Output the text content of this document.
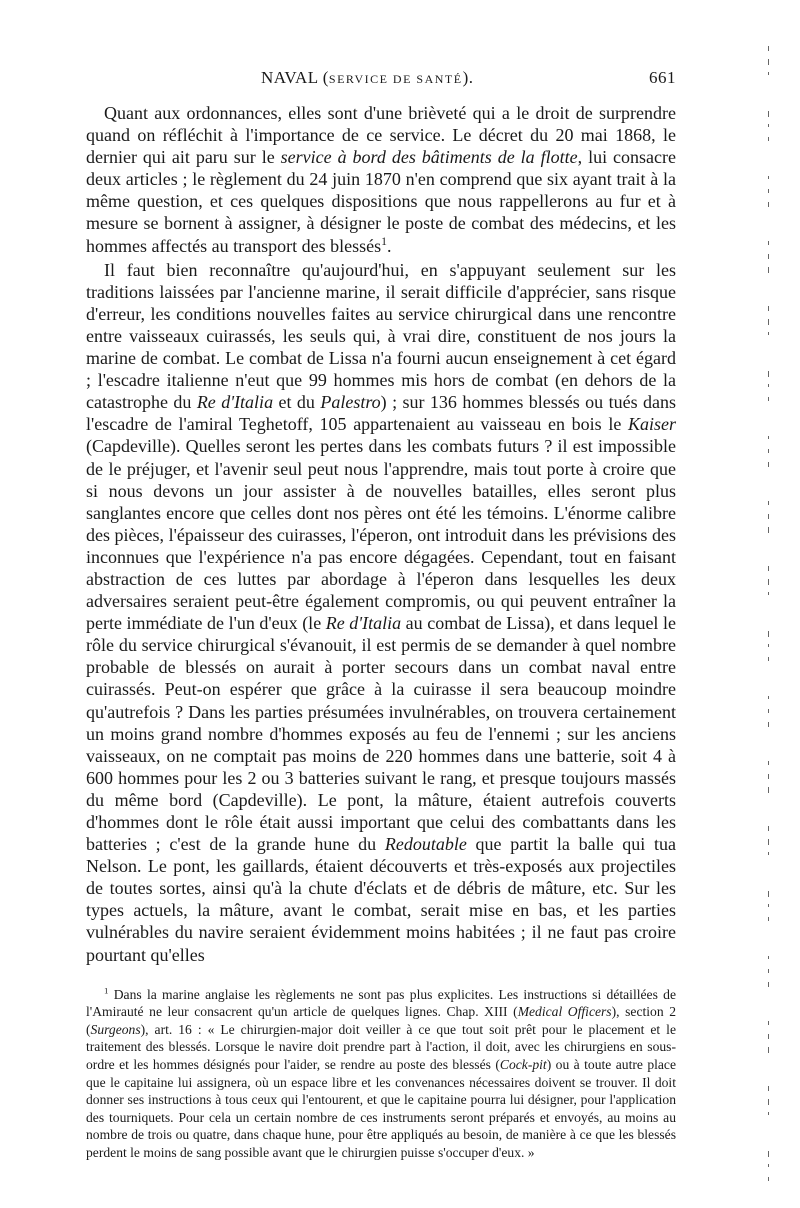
NAVAL (SERVICE DE SANTÉ).	661

Quant aux ordonnances, elles sont d'une brièveté qui a le droit de surprendre quand on réfléchit à l'importance de ce service. Le décret du 20 mai 1868, le dernier qui ait paru sur le service à bord des bâtiments de la flotte, lui consacre deux articles ; le règlement du 24 juin 1870 n'en comprend que six ayant trait à la même question, et ces quelques dispositions que nous rappellerons au fur et à mesure se bornent à assigner, à désigner le poste de combat des médecins, et les hommes affectés au transport des blessés$^1$.

Il faut bien reconnaître qu'aujourd'hui, en s'appuyant seulement sur les traditions laissées par l'ancienne marine, il serait difficile d'apprécier, sans risque d'erreur, les conditions nouvelles faites au service chirurgical dans une rencontre entre vaisseaux cuirassés, les seuls qui, à vrai dire, constituent de nos jours la marine de combat. Le combat de Lissa n'a fourni aucun enseignement à cet égard ; l'escadre italienne n'eut que 99 hommes mis hors de combat (en dehors de la catastrophe du Re d'Italia et du Palestro) ; sur 136 hommes blessés ou tués dans l'escadre de l'amiral Teghetoff, 105 appartenaient au vaisseau en bois le Kaiser (Capdeville). Quelles seront les pertes dans les combats futurs ? il est impossible de le préjuger, et l'avenir seul peut nous l'apprendre, mais tout porte à croire que si nous devons un jour assister à de nouvelles batailles, elles seront plus sanglantes encore que celles dont nos pères ont été les témoins. L'énorme calibre des pièces, l'épaisseur des cuirasses, l'éperon, ont introduit dans les prévisions des inconnues que l'expérience n'a pas encore dégagées. Cependant, tout en faisant abstraction de ces luttes par abordage à l'éperon dans lesquelles les deux adversaires seraient peut-être également compromis, ou qui peuvent entraîner la perte immédiate de l'un d'eux (le Re d'Italia au combat de Lissa), et dans lequel le rôle du service chirurgical s'évanouit, il est permis de se demander à quel nombre probable de blessés on aurait à porter secours dans un combat naval entre cuirassés. Peut-on espérer que grâce à la cuirasse il sera beaucoup moindre qu'autrefois ? Dans les parties présumées invulnérables, on trouvera certainement un moins grand nombre d'hommes exposés au feu de l'ennemi ; sur les anciens vaisseaux, on ne comptait pas moins de 220 hommes dans une batterie, soit 4 à 600 hommes pour les 2 ou 3 batteries suivant le rang, et presque toujours massés du même bord (Capdeville). Le pont, la mâture, étaient autrefois couverts d'hommes dont le rôle était aussi important que celui des combattants dans les batteries ; c'est de la grande hune du Redoutable que partit la balle qui tua Nelson. Le pont, les gaillards, étaient découverts et très-exposés aux projectiles de toutes sortes, ainsi qu'à la chute d'éclats et de débris de mâture, etc. Sur les types actuels, la mâture, avant le combat, serait mise en bas, et les parties vulnérables du navire seraient évidemment moins habitées ; il ne faut pas croire pourtant qu'elles

$^1$ Dans la marine anglaise les règlements ne sont pas plus explicites. Les instructions si détaillées de l'Amirauté ne leur consacrent qu'un article de quelques lignes. Chap. XIII (Medical Officers), section 2 (Surgeons), art. 16 : « Le chirurgien-major doit veiller à ce que tout soit prêt pour le placement et le traitement des blessés. Lorsque le navire doit prendre part à l'action, il doit, avec les chirurgiens en sous-ordre et les hommes désignés pour l'aider, se rendre au poste des blessés (Cock-pit) ou à toute autre place que le capitaine lui assignera, où un espace libre et les convenances nécessaires doivent se trouver. Il doit donner ses instructions à tous ceux qui l'entourent, et que le capitaine pourra lui désigner, pour l'application des tourniquets. Pour cela un certain nombre de ces instruments seront préparés et envoyés, au moins au nombre de trois ou quatre, dans chaque hune, pour être appliqués au besoin, de manière à ce que les blessés perdent le moins de sang possible avant que le chirurgien puisse s'occuper d'eux. »
